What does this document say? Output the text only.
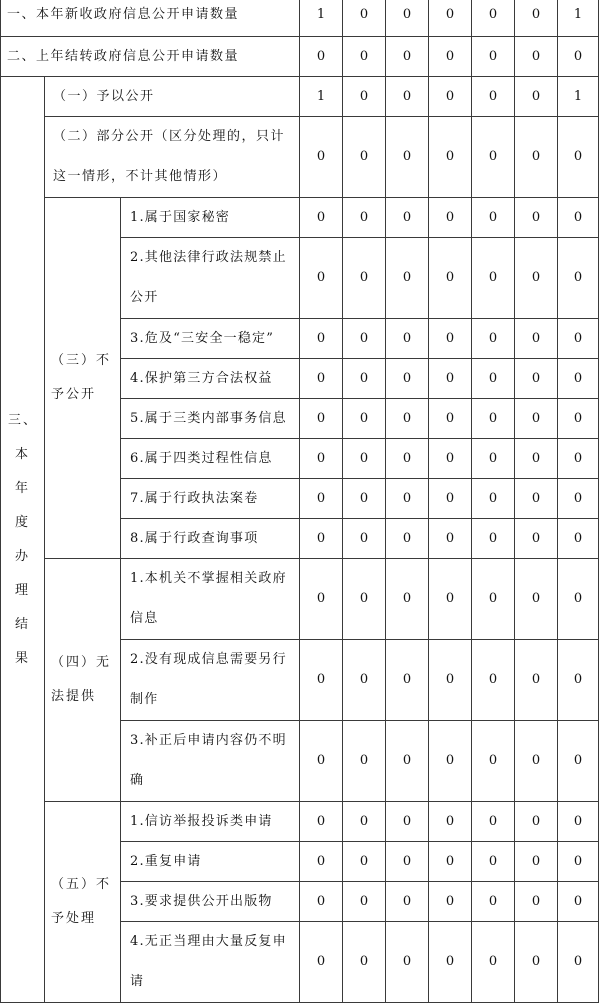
一、本年新收政府信息公开申请数量			1	0	0	0	0	0	1
二、上年结转政府信息公开申请数量			0	0	0	0	0	0	0
三、本年度办理结果	（一）予以公开		1	0	0	0	0	0	1
	（二）部分公开（区分处理的，只计这一情形，不计其他情形）		0	0	0	0	0	0	0
	（三）不予公开	1.属于国家秘密	0	0	0	0	0	0	0
		2.其他法律行政法规禁止公开	0	0	0	0	0	0	0
		3.危及“三安全一稳定”	0	0	0	0	0	0	0
		4.保护第三方合法权益	0	0	0	0	0	0	0
		5.属于三类内部事务信息	0	0	0	0	0	0	0
		6.属于四类过程性信息	0	0	0	0	0	0	0
		7.属于行政执法案卷	0	0	0	0	0	0	0
		8.属于行政查询事项	0	0	0	0	0	0	0
	（四）无法提供	1.本机关不掌握相关政府信息	0	0	0	0	0	0	0
		2.没有现成信息需要另行制作	0	0	0	0	0	0	0
		3.补正后申请内容仍不明确	0	0	0	0	0	0	0
	（五）不予处理	1.信访举报投诉类申请	0	0	0	0	0	0	0
		2.重复申请	0	0	0	0	0	0	0
		3.要求提供公开出版物	0	0	0	0	0	0	0
		4.无正当理由大量反复申请	0	0	0	0	0	0	0
